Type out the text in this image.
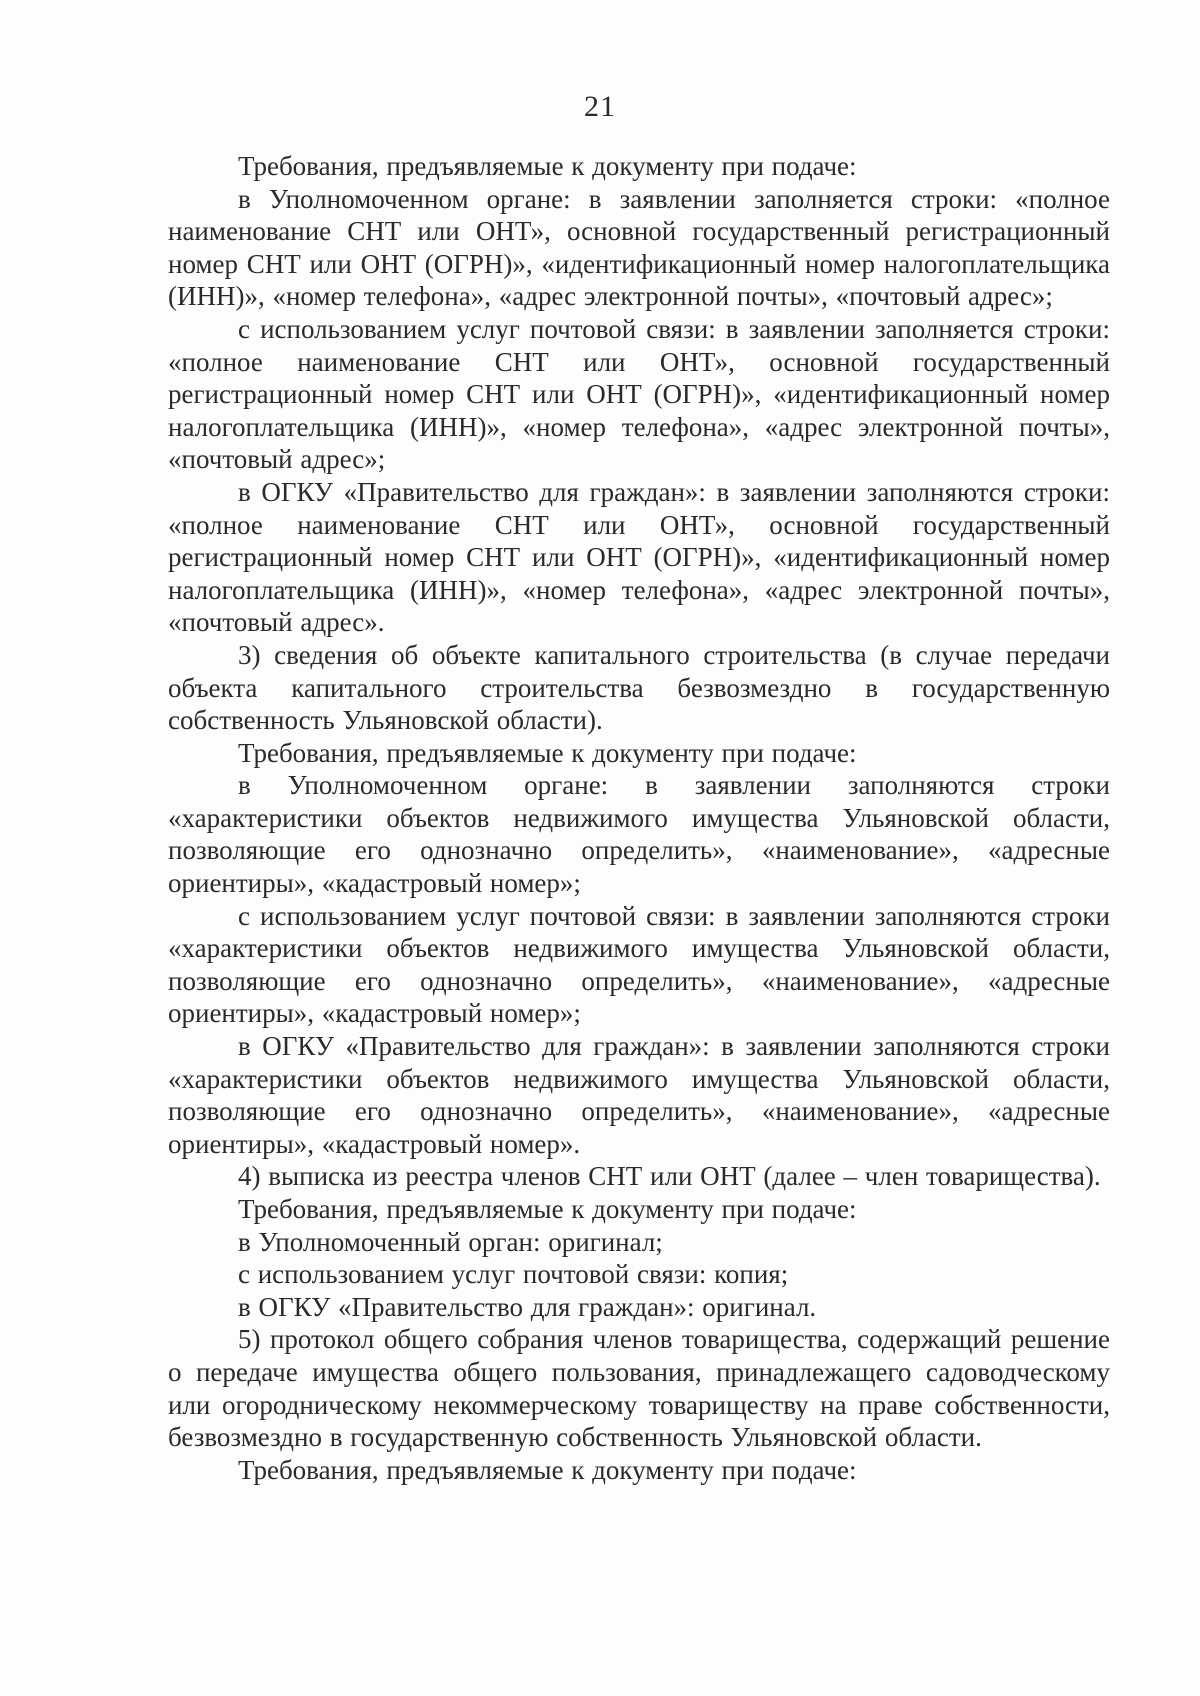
21

Требования, предъявляемые к документу при подаче:

в Уполномоченном органе: в заявлении заполняется строки: «полное наименование СНТ или ОНТ», основной государственный регистрационный номер СНТ или ОНТ (ОГРН)», «идентификационный номер налогоплательщика (ИНН)», «номер телефона», «адрес электронной почты», «почтовый адрес»;

с использованием услуг почтовой связи: в заявлении заполняется строки: «полное наименование СНТ или ОНТ», основной государственный регистрационный номер СНТ или ОНТ (ОГРН)», «идентификационный номер налогоплательщика (ИНН)», «номер телефона», «адрес электронной почты», «почтовый адрес»;

в ОГКУ «Правительство для граждан»: в заявлении заполняются строки: «полное наименование СНТ или ОНТ», основной государственный регистрационный номер СНТ или ОНТ (ОГРН)», «идентификационный номер налогоплательщика (ИНН)», «номер телефона», «адрес электронной почты», «почтовый адрес».

3) сведения об объекте капитального строительства (в случае передачи объекта капитального строительства безвозмездно в государственную собственность Ульяновской области).

Требования, предъявляемые к документу при подаче:

в Уполномоченном органе: в заявлении заполняются строки «характеристики объектов недвижимого имущества Ульяновской области, позволяющие его однозначно определить», «наименование», «адресные ориентиры», «кадастровый номер»;

с использованием услуг почтовой связи: в заявлении заполняются строки «характеристики объектов недвижимого имущества Ульяновской области, позволяющие его однозначно определить», «наименование», «адресные ориентиры», «кадастровый номер»;

в ОГКУ «Правительство для граждан»: в заявлении заполняются строки «характеристики объектов недвижимого имущества Ульяновской области, позволяющие его однозначно определить», «наименование», «адресные ориентиры», «кадастровый номер».

4) выписка из реестра членов СНТ или ОНТ (далее – член товарищества).

Требования, предъявляемые к документу при подаче:

в Уполномоченный орган: оригинал;

с использованием услуг почтовой связи: копия;

в ОГКУ «Правительство для граждан»: оригинал.

5) протокол общего собрания членов товарищества, содержащий решение о передаче имущества общего пользования, принадлежащего садоводческому или огородническому некоммерческому товариществу на праве собственности, безвозмездно в государственную собственность Ульяновской области.

Требования, предъявляемые к документу при подаче:
